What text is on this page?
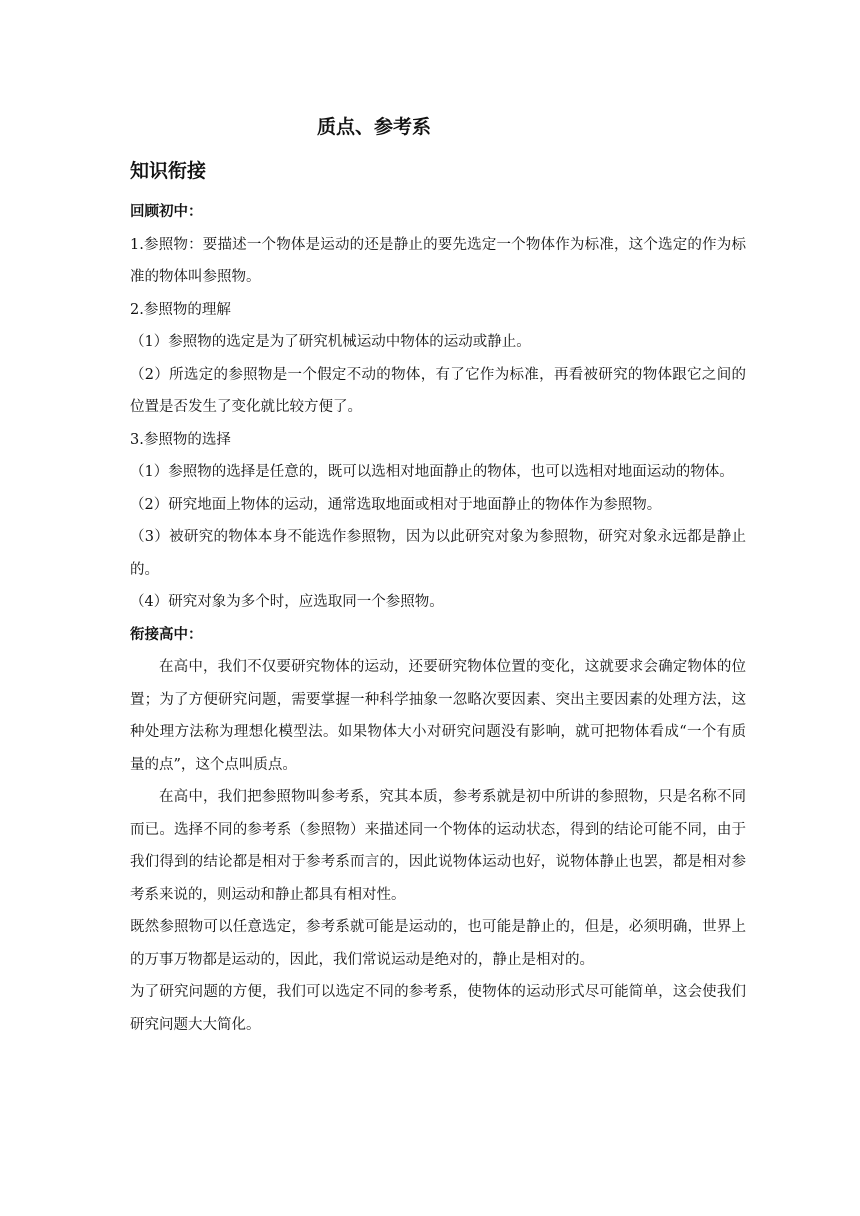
质点、参考系
知识衔接

回顾初中：

1.参照物：要描述一个物体是运动的还是静止的要先选定一个物体作为标准，这个选定的作为标准的物体叫参照物。

2.参照物的理解

（1）参照物的选定是为了研究机械运动中物体的运动或静止。

（2）所选定的参照物是一个假定不动的物体，有了它作为标准，再看被研究的物体跟它之间的位置是否发生了变化就比较方便了。

3.参照物的选择

（1）参照物的选择是任意的，既可以选相对地面静止的物体，也可以选相对地面运动的物体。

（2）研究地面上物体的运动，通常选取地面或相对于地面静止的物体作为参照物。

（3）被研究的物体本身不能选作参照物，因为以此研究对象为参照物，研究对象永远都是静止的。

（4）研究对象为多个时，应选取同一个参照物。

衔接高中：

在高中，我们不仅要研究物体的运动，还要研究物体位置的变化，这就要求会确定物体的位置；为了方便研究问题，需要掌握一种科学抽象一忽略次要因素、突出主要因素的处理方法，这种处理方法称为理想化模型法。如果物体大小对研究问题没有影响，就可把物体看成“一个有质量的点”，这个点叫质点。

在高中，我们把参照物叫参考系，究其本质，参考系就是初中所讲的参照物，只是名称不同而已。选择不同的参考系（参照物）来描述同一个物体的运动状态，得到的结论可能不同，由于我们得到的结论都是相对于参考系而言的，因此说物体运动也好，说物体静止也罢，都是相对参考系来说的，则运动和静止都具有相对性。

既然参照物可以任意选定，参考系就可能是运动的，也可能是静止的，但是，必须明确，世界上的万事万物都是运动的，因此，我们常说运动是绝对的，静止是相对的。

为了研究问题的方便，我们可以选定不同的参考系，使物体的运动形式尽可能简单，这会使我们研究问题大大简化。
